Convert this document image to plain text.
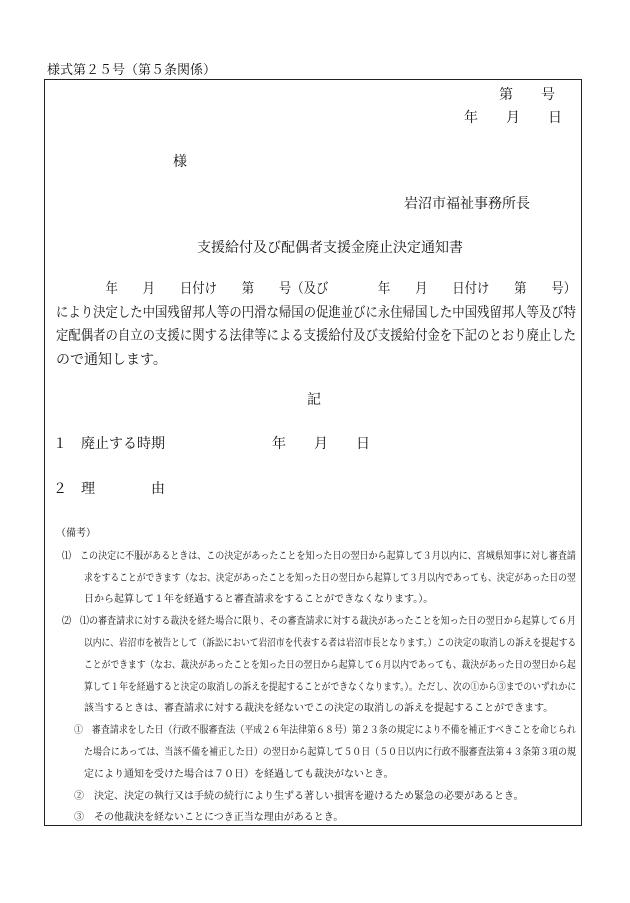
様式第２５号（第５条関係）
第　　号
年　　月　　日
様
岩沼市福祉事務所長
支援給付及び配偶者支援金廃止決定通知書
　　　　年　　月　　日付け　　第　　号（及び　　　　年　　月　　日付け　　第　　号） により決定した中国残留邦人等の円滑な帰国の促進並びに永住帰国した中国残留邦人等及び特 定配偶者の自立の支援に関する法律等による支援給付及び支援給付金を下記のとおり廃止した
ので通知します。
記
１　廃止する時期	年　　月　　日
２　理　　　　由
（備考）
⑴　この決定に不服があるときは、この決定があったことを知った日の翌日から起算して３月以内に、宮城県知事に対し審査請
求をすることができます（なお、決定があったことを知った日の翌日から起算して３月以内であっても、決定があった日の翌
日から起算して１年を経過すると審査請求をすることができなくなります。）。
⑵　⑴の審査請求に対する裁決を経た場合に限り、その審査請求に対する裁決があったことを知った日の翌日から起算して６月
以内に、岩沼市を被告として（訴訟において岩沼市を代表する者は岩沼市長となります。）この決定の取消しの訴えを提起する
ことができます（なお、裁決があったことを知った日の翌日から起算して６月以内であっても、裁決があった日の翌日から起
算して１年を経過すると決定の取消しの訴えを提起することができなくなります。）。ただし、次の①から③までのいずれかに
該当するときは、審査請求に対する裁決を経ないでこの決定の取消しの訴えを提起することができます。
①　審査請求をした日（行政不服審査法（平成２６年法律第６８号）第２３条の規定により不備を補正すべきことを命じられ
た場合にあっては、当該不備を補正した日）の翌日から起算して５０日（５０日以内に行政不服審査法第４３条第３項の規
定により通知を受けた場合は７０日）を経過しても裁決がないとき。
②　決定、決定の執行又は手続の続行により生ずる著しい損害を避けるため緊急の必要があるとき。
③　その他裁決を経ないことにつき正当な理由があるとき。
